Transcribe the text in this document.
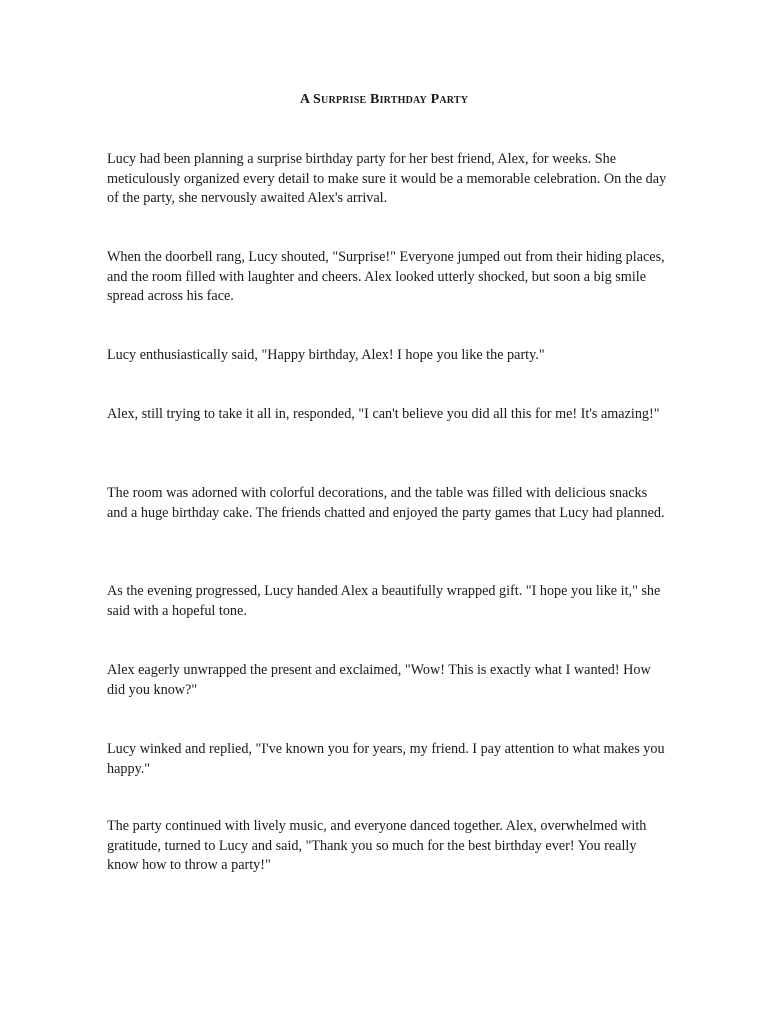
A Surprise Birthday Party

Lucy had been planning a surprise birthday party for her best friend, Alex, for weeks. She meticulously organized every detail to make sure it would be a memorable celebration. On the day of the party, she nervously awaited Alex's arrival.

When the doorbell rang, Lucy shouted, "Surprise!" Everyone jumped out from their hiding places, and the room filled with laughter and cheers. Alex looked utterly shocked, but soon a big smile spread across his face.

Lucy enthusiastically said, "Happy birthday, Alex! I hope you like the party."

Alex, still trying to take it all in, responded, "I can't believe you did all this for me! It's amazing!"

The room was adorned with colorful decorations, and the table was filled with delicious snacks and a huge birthday cake. The friends chatted and enjoyed the party games that Lucy had planned.

As the evening progressed, Lucy handed Alex a beautifully wrapped gift. "I hope you like it," she said with a hopeful tone.

Alex eagerly unwrapped the present and exclaimed, "Wow! This is exactly what I wanted! How did you know?"

Lucy winked and replied, "I've known you for years, my friend. I pay attention to what makes you happy."

The party continued with lively music, and everyone danced together. Alex, overwhelmed with gratitude, turned to Lucy and said, "Thank you so much for the best birthday ever! You really know how to throw a party!"
